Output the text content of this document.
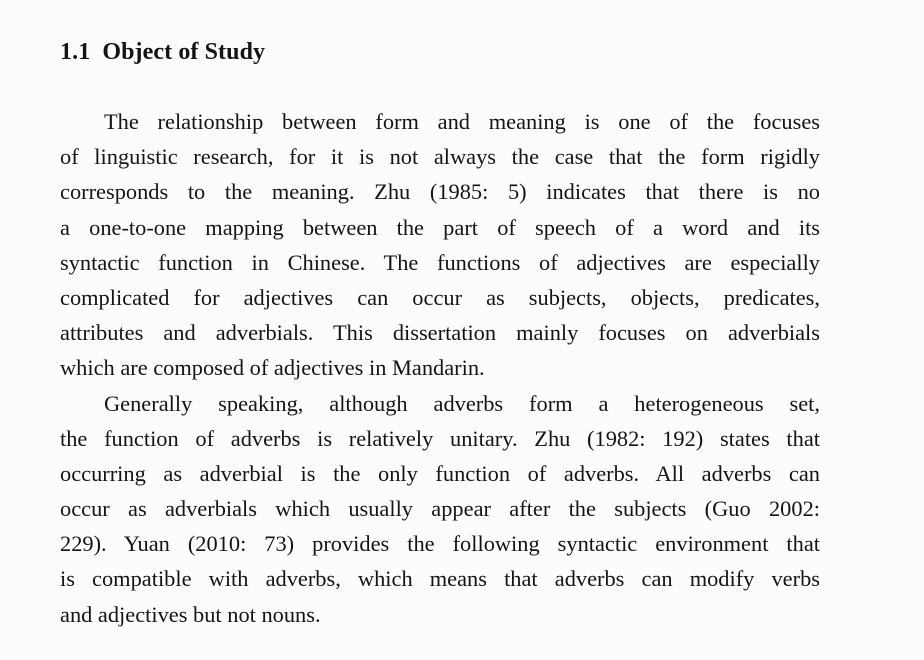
1.1 Object of Study
The relationship between form and meaning is one of the focuses
of linguistic research, for it is not always the case that the form rigidly
corresponds to the meaning. Zhu (1985: 5) indicates that there is no
a one-to-one mapping between the part of speech of a word and its
syntactic function in Chinese. The functions of adjectives are especially
complicated for adjectives can occur as subjects, objects, predicates,
attributes and adverbials. This dissertation mainly focuses on adverbials
which are composed of adjectives in Mandarin.
Generally speaking, although adverbs form a heterogeneous set,
the function of adverbs is relatively unitary. Zhu (1982: 192) states that
occurring as adverbial is the only function of adverbs. All adverbs can
occur as adverbials which usually appear after the subjects (Guo 2002:
229). Yuan (2010: 73) provides the following syntactic environment that
is compatible with adverbs, which means that adverbs can modify verbs
and adjectives but not nouns.
